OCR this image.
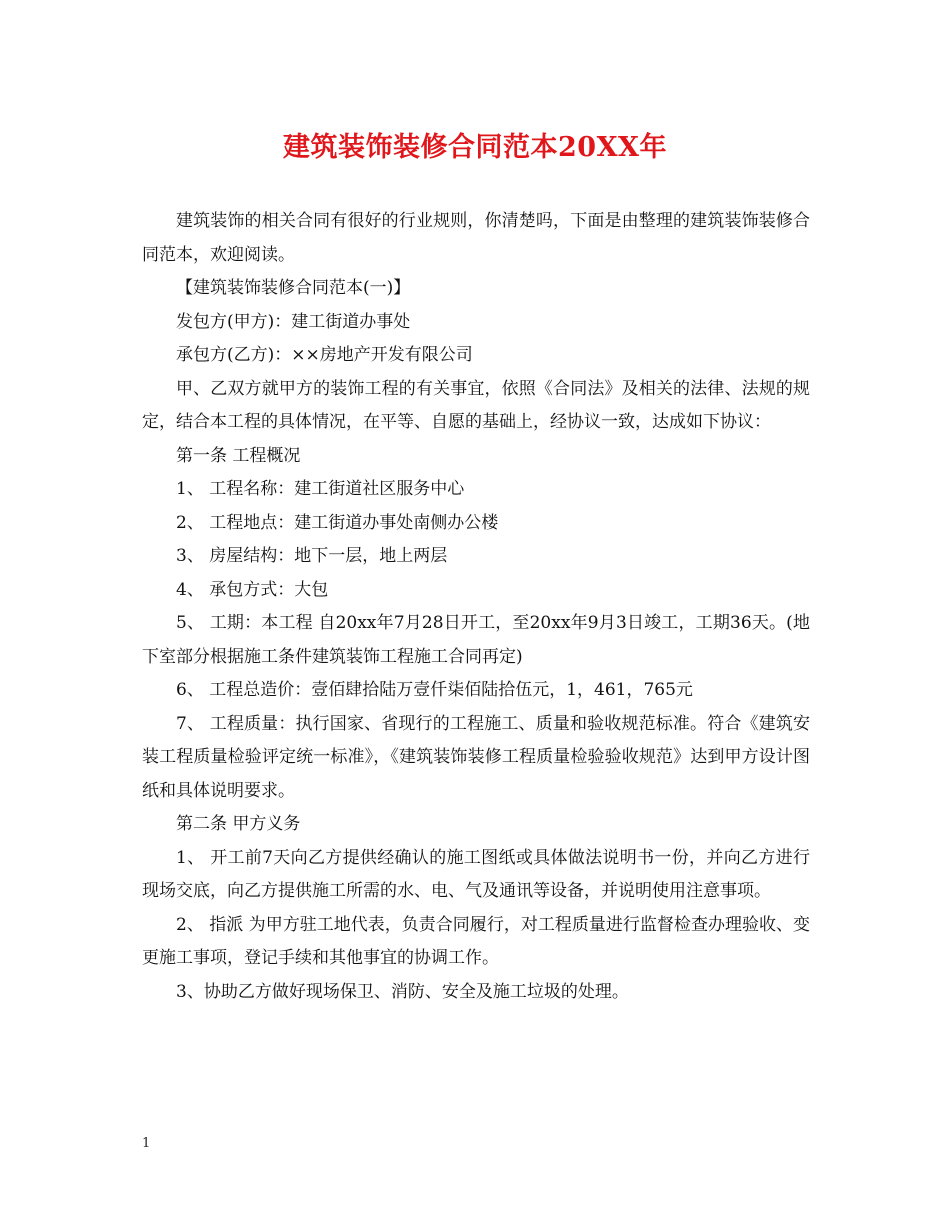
建筑装饰装修合同范本20XX年

建筑装饰的相关合同有很好的行业规则，你清楚吗，下面是由整理的建筑装饰装修合同范本，欢迎阅读。

【建筑装饰装修合同范本(一)】

发包方(甲方)：建工街道办事处

承包方(乙方)：××房地产开发有限公司

甲、乙双方就甲方的装饰工程的有关事宜，依照《合同法》及相关的法律、法规的规定，结合本工程的具体情况，在平等、自愿的基础上，经协议一致，达成如下协议：

第一条 工程概况

1、 工程名称：建工街道社区服务中心

2、 工程地点：建工街道办事处南侧办公楼

3、 房屋结构：地下一层，地上两层

4、 承包方式：大包

5、 工期：本工程 自20xx年7月28日开工，至20xx年9月3日竣工，工期36天。(地下室部分根据施工条件建筑装饰工程施工合同再定)

6、 工程总造价：壹佰肆拾陆万壹仟柒佰陆拾伍元，1，461，765元

7、 工程质量：执行国家、省现行的工程施工、质量和验收规范标准。符合《建筑安装工程质量检验评定统一标准》，《建筑装饰装修工程质量检验验收规范》达到甲方设计图纸和具体说明要求。

第二条 甲方义务

1、 开工前7天向乙方提供经确认的施工图纸或具体做法说明书一份，并向乙方进行现场交底，向乙方提供施工所需的水、电、气及通讯等设备，并说明使用注意事项。

2、 指派 为甲方驻工地代表，负责合同履行，对工程质量进行监督检查办理验收、变更施工事项，登记手续和其他事宜的协调工作。

3、协助乙方做好现场保卫、消防、安全及施工垃圾的处理。

1
